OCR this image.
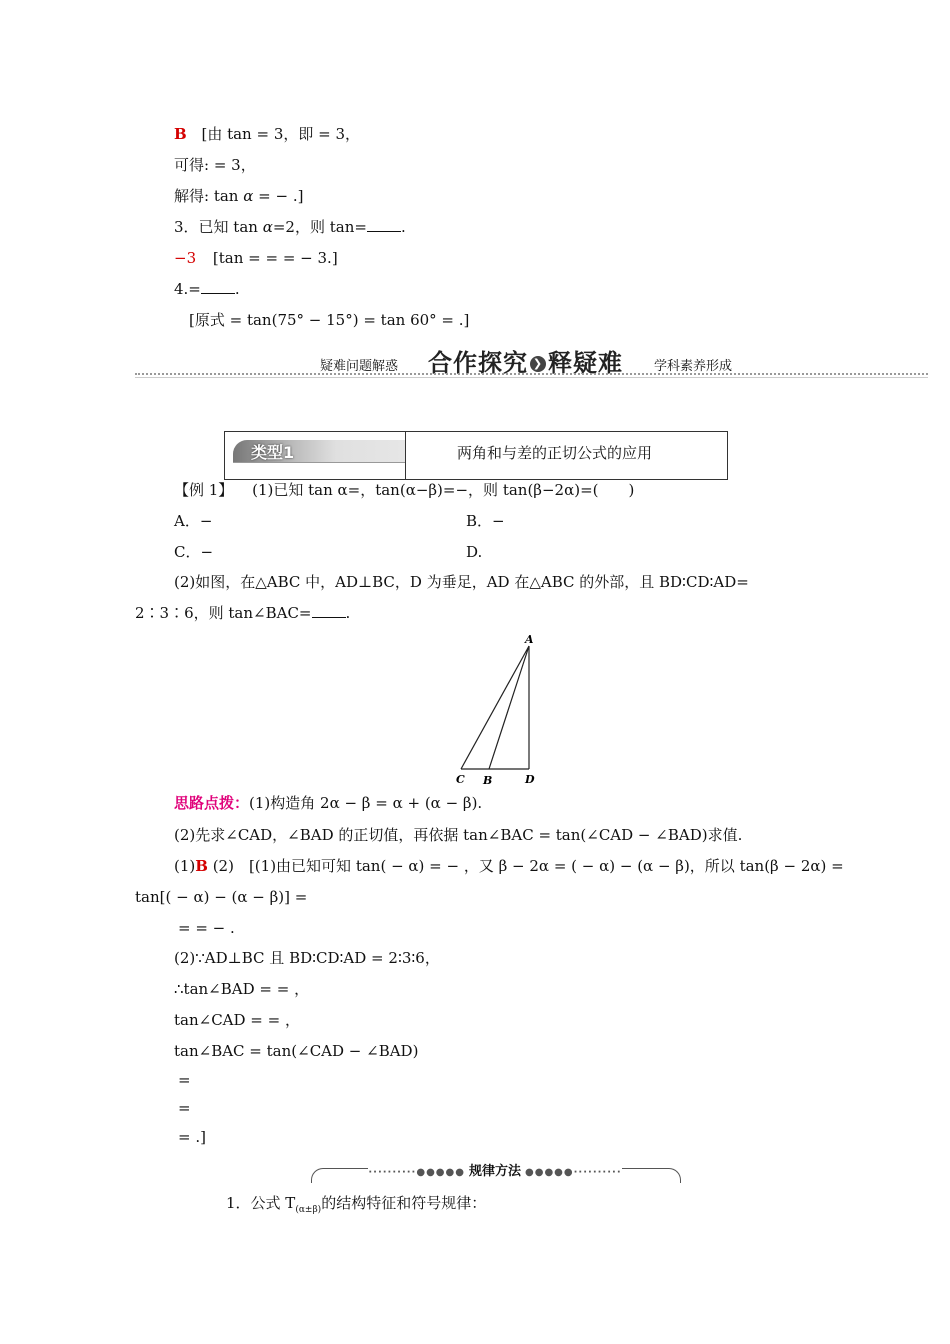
B [由 tan = 3，即 = 3，
可得: = 3，
解得: tan α = − .]
3．已知 tan α=2，则 tan= .
−3 [tan = = = − 3.]
4.= .
[原式 = tan(75° − 15°) = tan 60° = .]
疑难问题解惑 合作探究 ❯ 释疑难 学科素养形成
类型1	两角和与差的正切公式的应用
【例 1】 (1)已知 tan α=，tan(α−β)=−，则 tan(β−2α)=(　　)
A．−	B．−
C．−	D.
(2)如图，在△ABC 中，AD⊥BC，D 为垂足，AD 在△ABC 的外部，且 BD∶CD∶AD=
2∶3∶6，则 tan∠BAC= .
A
C B	D
思路点拨：(1)构造角 2α − β = α + (α − β).
(2)先求∠CAD，∠BAD 的正切值，再依据 tan∠BAC = tan(∠CAD − ∠BAD)求值.
(1)B (2)　[(1)由已知可知 tan( − α) = − ，又 β − 2α = ( − α) − (α − β)，所以 tan(β − 2α) =
tan[( − α) − (α − β)] =
= = − .
(2)∵AD⊥BC 且 BD∶CD∶AD = 2∶3∶6，
∴tan∠BAD = = ，
tan∠CAD = = ，
tan∠BAC = tan(∠CAD − ∠BAD)
=
=
= .]
··········●●●●● 规律方法 ●●●●●··········
1．公式 $T_{(\alpha\pm\beta)}$的结构特征和符号规律：
